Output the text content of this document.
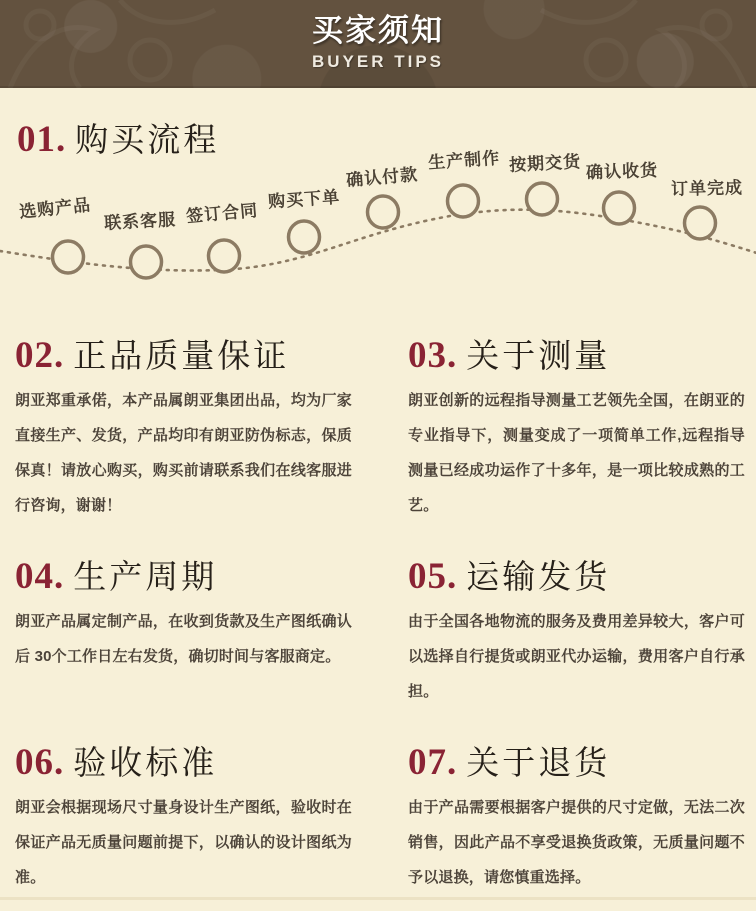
买家须知
BUYER TIPS
01. 购买流程
选购产品 联系客服 签订合同
购买下单
确认付款
生产制作 按期交货 确认收货
订单完成
02. 正品质量保证

朗亚郑重承偌，本产品属朗亚集团出品，均为厂家直接生产、发货，产品均印有朗亚防伪标志，保质保真！请放心购买，购买前请联系我们在线客服进行咨询，谢谢！

03. 关于测量

朗亚创新的远程指导测量工艺领先全国，在朗亚的专业指导下，测量变成了一项简单工作,远程指导测量已经成功运作了十多年，是一项比较成熟的工艺。

04. 生产周期

朗亚产品属定制产品，在收到货款及生产图纸确认后 30个工作日左右发货，确切时间与客服商定。

05. 运输发货

由于全国各地物流的服务及费用差异较大，客户可以选择自行提货或朗亚代办运输，费用客户自行承担。

06. 验收标准

朗亚会根据现场尺寸量身设计生产图纸，验收时在保证产品无质量问题前提下，以确认的设计图纸为准。

07. 关于退货

由于产品需要根据客户提供的尺寸定做，无法二次销售，因此产品不享受退换货政策，无质量问题不予以退换，请您慎重选择。
